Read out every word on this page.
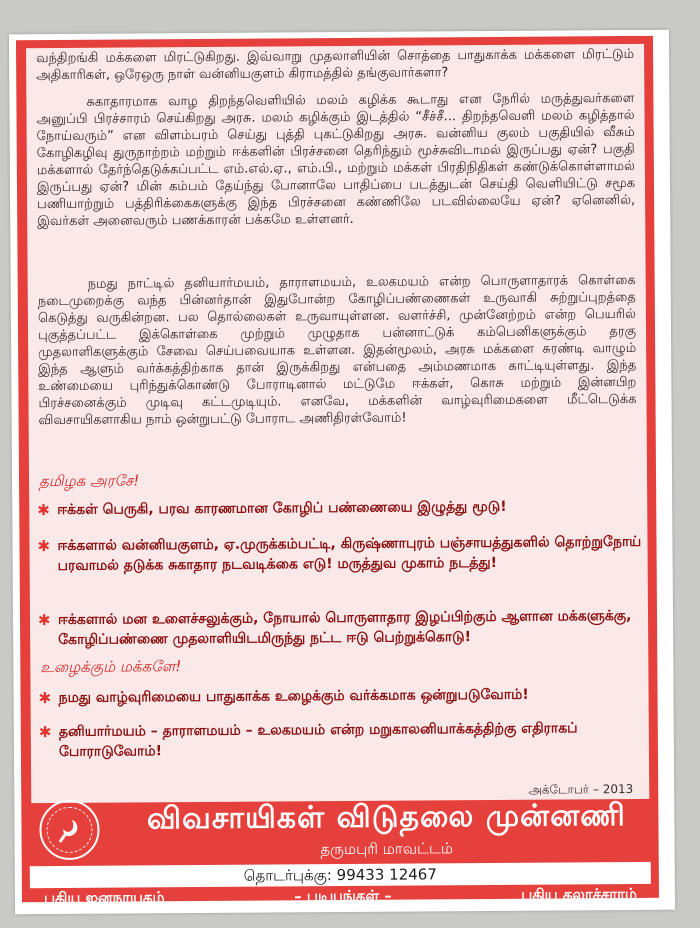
வந்திறங்கி மக்களை மிரட்டுகிறது. இவ்வாறு முதலாளியின் சொத்தை பாதுகாக்க மக்களை மிரட்டும் அதிகாரிகள், ஒரேஒரு நாள் வன்னியகுளம் கிராமத்தில் தங்குவார்களா?

சுகாதாரமாக வாழ திறந்தவெளியில் மலம் கழிக்க கூடாது என நேரில் மருத்துவர்களை அனுப்பி பிரச்சாரம் செய்கிறது அரசு. மலம் கழிக்கும் இடத்தில் “சீச்சீ... திறந்தவெளி மலம் கழித்தால் நோய்வரும்” என விளம்பரம் செய்து புத்தி புகட்டுகிறது அரசு. வன்னிய குலம் பகுதியில் வீசும் கோழிகழிவு துருநாற்றம் மற்றும் ஈக்களின் பிரச்சனை தெரிந்தும் மூச்சுவிடாமல் இருப்பது ஏன்? பகுதி மக்களால் தேர்ந்தெடுக்கப்பட்ட எம்.எல்.ஏ., எம்.பி., மற்றும் மக்கள் பிரதிநிதிகள் கண்டுக்கொள்ளாமல் இருப்பது ஏன்? மின் கம்பம் தேய்ந்து போனாலே பாதிப்பை படத்துடன் செய்தி வெளியிட்டு சமூக பணியாற்றும் பத்திரிக்கைகளுக்கு இந்த பிரச்சனை கண்ணிலே படவில்லையே ஏன்? ஏனெனில், இவர்கள் அனைவரும் பணக்காரன் பக்கமே உள்ளனர்.

நமது நாட்டில் தனியார்மயம், தாராளமயம், உலகமயம் என்ற பொருளாதாரக் கொள்கை நடைமுறைக்கு வந்த பின்னர்தான் இதுபோன்ற கோழிப்பண்ணைகள் உருவாகி சுற்றுப்புறத்தை கெடுத்து வருகின்றன. பல தொல்லைகள் உருவாயுள்ளன. வளர்ச்சி, முன்னேற்றம் என்ற பெயரில் புகுத்தப்பட்ட இக்கொள்கை முற்றும் முழுதாக பன்னாட்டுக் கம்பெனிகளுக்கும் தரகு முதலாளிகளுக்கும் சேவை செய்பவையாக உள்ளன. இதன்மூலம், அரசு மக்களை சுரண்டி வாழும் இந்த ஆளும் வர்க்கத்திற்காக தான் இருக்கிறது என்பதை அம்மணமாக காட்டியுள்ளது. இந்த உண்மையை புரிந்துக்கொண்டு போராடினால் மட்டுமே ஈக்கள், கொசு மற்றும் இன்னபிற பிரச்சனைக்கும் முடிவு கட்டமுடியும். எனவே, மக்களின் வாழ்வுரிமைகளை மீட்டெடுக்க விவசாயிகளாகிய நாம் ஒன்றுபட்டு போராட அணிதிரள்வோம்!

தமிழக அரசே!

✱ ஈக்கள் பெருகி, பரவ காரணமான கோழிப் பண்ணையை இழுத்து மூடு!

✱ ஈக்களால் வன்னியகுளம், ஏ.முருக்கம்பட்டி, கிருஷ்ணாபுரம் பஞ்சாயத்துகளில் தொற்றுநோய் பரவாமல் தடுக்க சுகாதார நடவடிக்கை எடு! மருத்துவ முகாம் நடத்து!

✱ ஈக்களால் மன உளைச்சலுக்கும், நோயால் பொருளாதார இழப்பிற்கும் ஆளான மக்களுக்கு, கோழிப்பண்ணை முதலாளியிடமிருந்து நட்ட ஈடு பெற்றுக்கொடு!

உழைக்கும் மக்களே!

✱ நமது வாழ்வுரிமையை பாதுகாக்க உழைக்கும் வர்க்கமாக ஒன்றுபடுவோம்!

✱ தனியார்மயம் – தாராளமயம் – உலகமயம் என்ற மறுகாலனியாக்கத்திற்கு எதிராகப் போராடுவோம்!

அக்டோபர் – 2013

விவசாயிகள் விடுதலை முன்னணி

தருமபுரி மாவட்டம்

தொடர்புக்கு: 99433 12467
புதிய ஜனநாயகம்	– படியுங்கள் –	புதிய கலாச்சாரம்
